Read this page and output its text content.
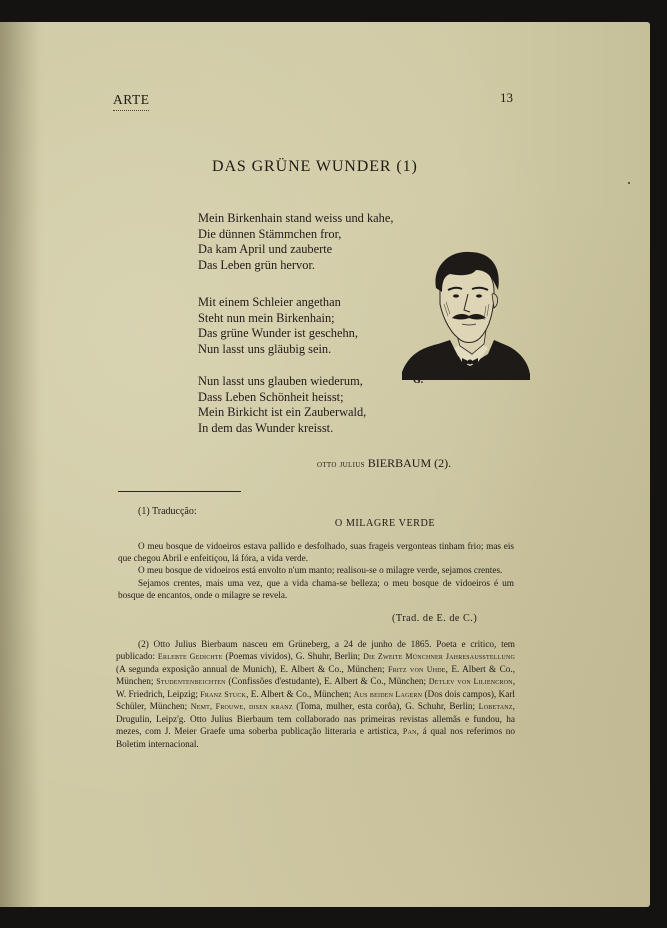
ARTE	13
DAS GRÜNE WUNDER (1)
Mein Birkenhain stand weiss und kahe,
Die dünnen Stämmchen fror,
Da kam April und zauberte
Das Leben grün hervor.
Mit einem Schleier angethan
Steht nun mein Birkenhain;
Das grüne Wunder ist geschehn,
Nun lasst uns gläubig sein.
Nun lasst uns glauben wiederum,
Dass Leben Schönheit heisst;
Mein Birkicht ist ein Zauberwald,
In dem das Wunder kreisst.
G.
otto julius BIERBAUM (2).
(1) Traducção:
O MILAGRE VERDE

O meu bosque de vidoeiros estava pallido e desfolhado, suas frageis vergonteas tinham frio; mas eis que chegou Abril e enfeitiçou, lá fóra, a vida verde.

O meu bosque de vidoeiros está envolto n'um manto; realisou-se o milagre verde, sejamos crentes.

Sejamos crentes, mais uma vez, que a vida chama-se belleza; o meu bosque de vidoeiros é um bosque de encantos, onde o milagre se revela.

(Trad. de E. de C.)
(2) Otto Julius Bierbaum nasceu em Grüneberg, a 24 de junho de 1865. Poeta e critico, tem publicado: Erlebte Gedichte (Poemas vividos), G. Shuhr, Berlin; Die Zweite Münchner Jahresausstellung (A segunda exposição annual de Munich), E. Albert & Co., München; Fritz von Uhde, E. Albert & Co., München; Studentenbeichten (Confissões d'estudante), E. Albert & Co., München; Detlev von Liliencron, W. Friedrich, Leipzig; Franz Stuck, E. Albert & Co., München; Aus beiden Lagern (Dos dois campos), Karl Schüler, München; Nemt, Frouwe, disen kranz (Toma, mulher, esta corôa), G. Schuhr, Berlin; Lobetanz, Drugulin, Leipz'g. Otto Julius Bierbaum tem collaborado nas primeiras revistas allemãs e fundou, ha mezes, com J. Meier Graefe uma soberba publicação litteraria e artistica, Pan, á qual nos referimos no Boletim internacional.
